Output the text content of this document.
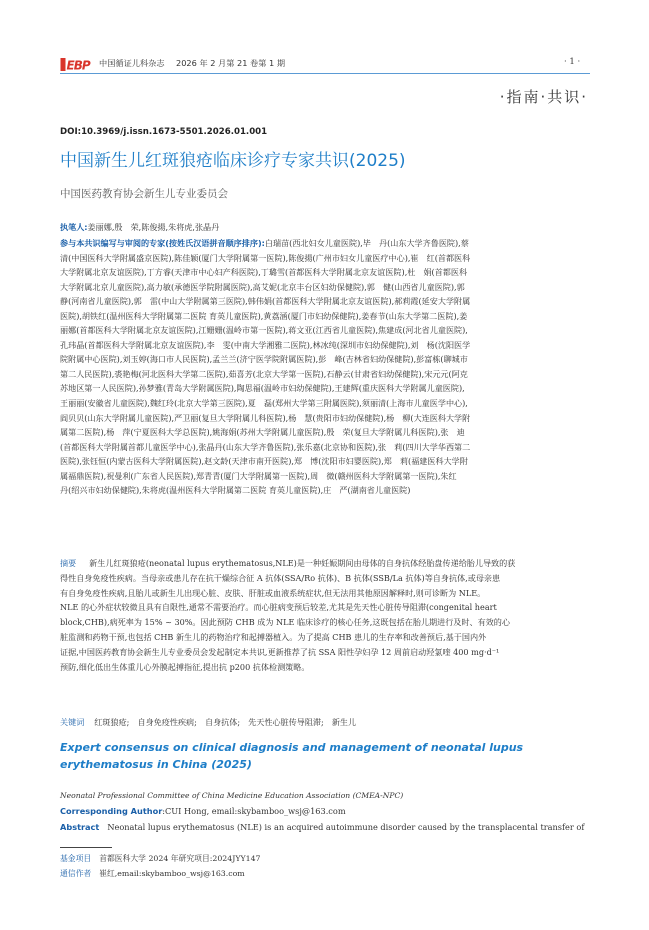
EBP 中国循证儿科杂志 2026 年 2 月第 21 卷第 1 期	· 1 ·
·指南·共识·
DOI:10.3969/j.issn.1673-5501.2026.01.001
中国新生儿红斑狼疮临床诊疗专家共识(2025)
中国医药教育协会新生儿专业委员会
执笔人:姜丽娜,殷　荣,陈俊揚,朱将虎,张晶丹
参与本共识编写与审阅的专家(按姓氏汉语拼音顺序排序):白瑞苗(西北妇女儿童医院),毕　丹(山东大学齐鲁医院),蔡
清(中国医科大学附属盛京医院),陈佳颖(厦门大学附属第一医院),陈俊揚(广州市妇女儿童医疗中心),崔　红(首都医科
大学附属北京友谊医院),丁方睿(天津市中心妇产科医院),丁璐雪(首都医科大学附属北京友谊医院),杜　娟(首都医科
大学附属北京儿童医院),高力敏(承德医学院附属医院),高艾妮(北京丰台区妇幼保健院),郭　健(山西省儿童医院),郭
静(河南省儿童医院),郭　雷(中山大学附属第三医院),韩伟娟(首都医科大学附属北京友谊医院),郝莉霞(延安大学附属
医院),胡铁红(温州医科大学附属第二医院 育英儿童医院),黄荔涵(厦门市妇幼保健院),姜春节(山东大学第二医院),姜
丽娜(首都医科大学附属北京友谊医院),江姗姗(温岭市第一医院),蒋文亚(江西省儿童医院),焦建成(河北省儿童医院),
孔玮晶(首都医科大学附属北京友谊医院),李　雯(中南大学湘雅二医院),林冰纯(深圳市妇幼保健院),刘　杨(沈阳医学
院附属中心医院),刘玉婷(海口市人民医院),孟兰兰(济宁医学院附属医院),彭　峰(吉林省妇幼保健院),彭富栋(聊城市
第二人民医院),裘艳梅(河北医科大学第二医院),茹喜芳(北京大学第一医院),石静云(甘肃省妇幼保健院),宋元元(阿克
苏地区第一人民医院),孙梦雅(青岛大学附属医院),陶思福(温岭市妇幼保健院),王建辉(重庆医科大学附属儿童医院),
王丽丽(安徽省儿童医院),魏红玲(北京大学第三医院),夏　磊(郑州大学第三附属医院),须丽清(上海市儿童医学中心),
阎贝贝(山东大学附属儿童医院),严卫丽(复旦大学附属儿科医院),杨　慧(贵阳市妇幼保健院),杨　柳(大连医科大学附
属第二医院),杨　萍(宁夏医科大学总医院),姚海娟(苏州大学附属儿童医院),殷　荣(复旦大学附属儿科医院),张　迪
(首都医科大学附属首都儿童医学中心),张晶丹(山东大学齐鲁医院),张乐嘉(北京协和医院),张　莉(四川大学华西第二
医院),张钰恒(内蒙古医科大学附属医院),赵文龄(天津市南开医院),郑　博(沈阳市妇婴医院),郑　莉(福建医科大学附
属福鼎医院),祝曼利(广东省人民医院),郑青青(厦门大学附属第一医院),周　微(赣州医科大学附属第一医院),朱红
丹(绍兴市妇幼保健院),朱将虎(温州医科大学附属第二医院 育英儿童医院),庄　严(湖南省儿童医院)
摘要 新生儿红斑狼疮(neonatal lupus erythematosus,NLE)是一种妊娠期间由母体的自身抗体经胎盘传递给胎儿导致的获
得性自身免疫性疾病。当母亲或患儿存在抗干燥综合征 A 抗体(SSA/Ro 抗体)、B 抗体(SSB/La 抗体)等自身抗体,或母亲患
有自身免疫性疾病,且胎儿或新生儿出现心脏、皮肤、肝脏或血液系统症状,但无法用其他原因解释时,则可诊断为 NLE。
NLE 的心外症状较微且具有自限性,通常不需要治疗。而心脏病变预后较差,尤其是先天性心脏传导阻滞(congenital heart
block,CHB),病死率为 15% ~ 30%。因此预防 CHB 成为 NLE 临床诊疗的核心任务,这既包括在胎儿期进行及时、有效的心
脏监测和药物干预,也包括 CHB 新生儿的药物治疗和起搏器植入。为了提高 CHB 患儿的生存率和改善预后,基于国内外
证据,中国医药教育协会新生儿专业委员会发起制定本共识,更新推荐了抗 SSA 阳性孕妇孕 12 周前启动羟氯喹 400 mg·d⁻¹
预防,细化低出生体重儿心外膜起搏指征,提出抗 p200 抗体检测策略。
关键词 红斑狼疮;　自身免疫性疾病;　自身抗体;　先天性心脏传导阻滞;　新生儿
Expert consensus on clinical diagnosis and management of neonatal lupus erythematosus in China (2025)
Neonatal Professional Committee of China Medicine Education Association (CMEA-NPC)
Corresponding Author:CUI Hong, email:skybamboo_wsj@163.com
Abstract Neonatal lupus erythematosus (NLE) is an acquired autoimmune disorder caused by the transplacental transfer of
基金项目 首都医科大学 2024 年研究项目:2024JYY147
通信作者 崔红,email:skybamboo_wsj@163.com
